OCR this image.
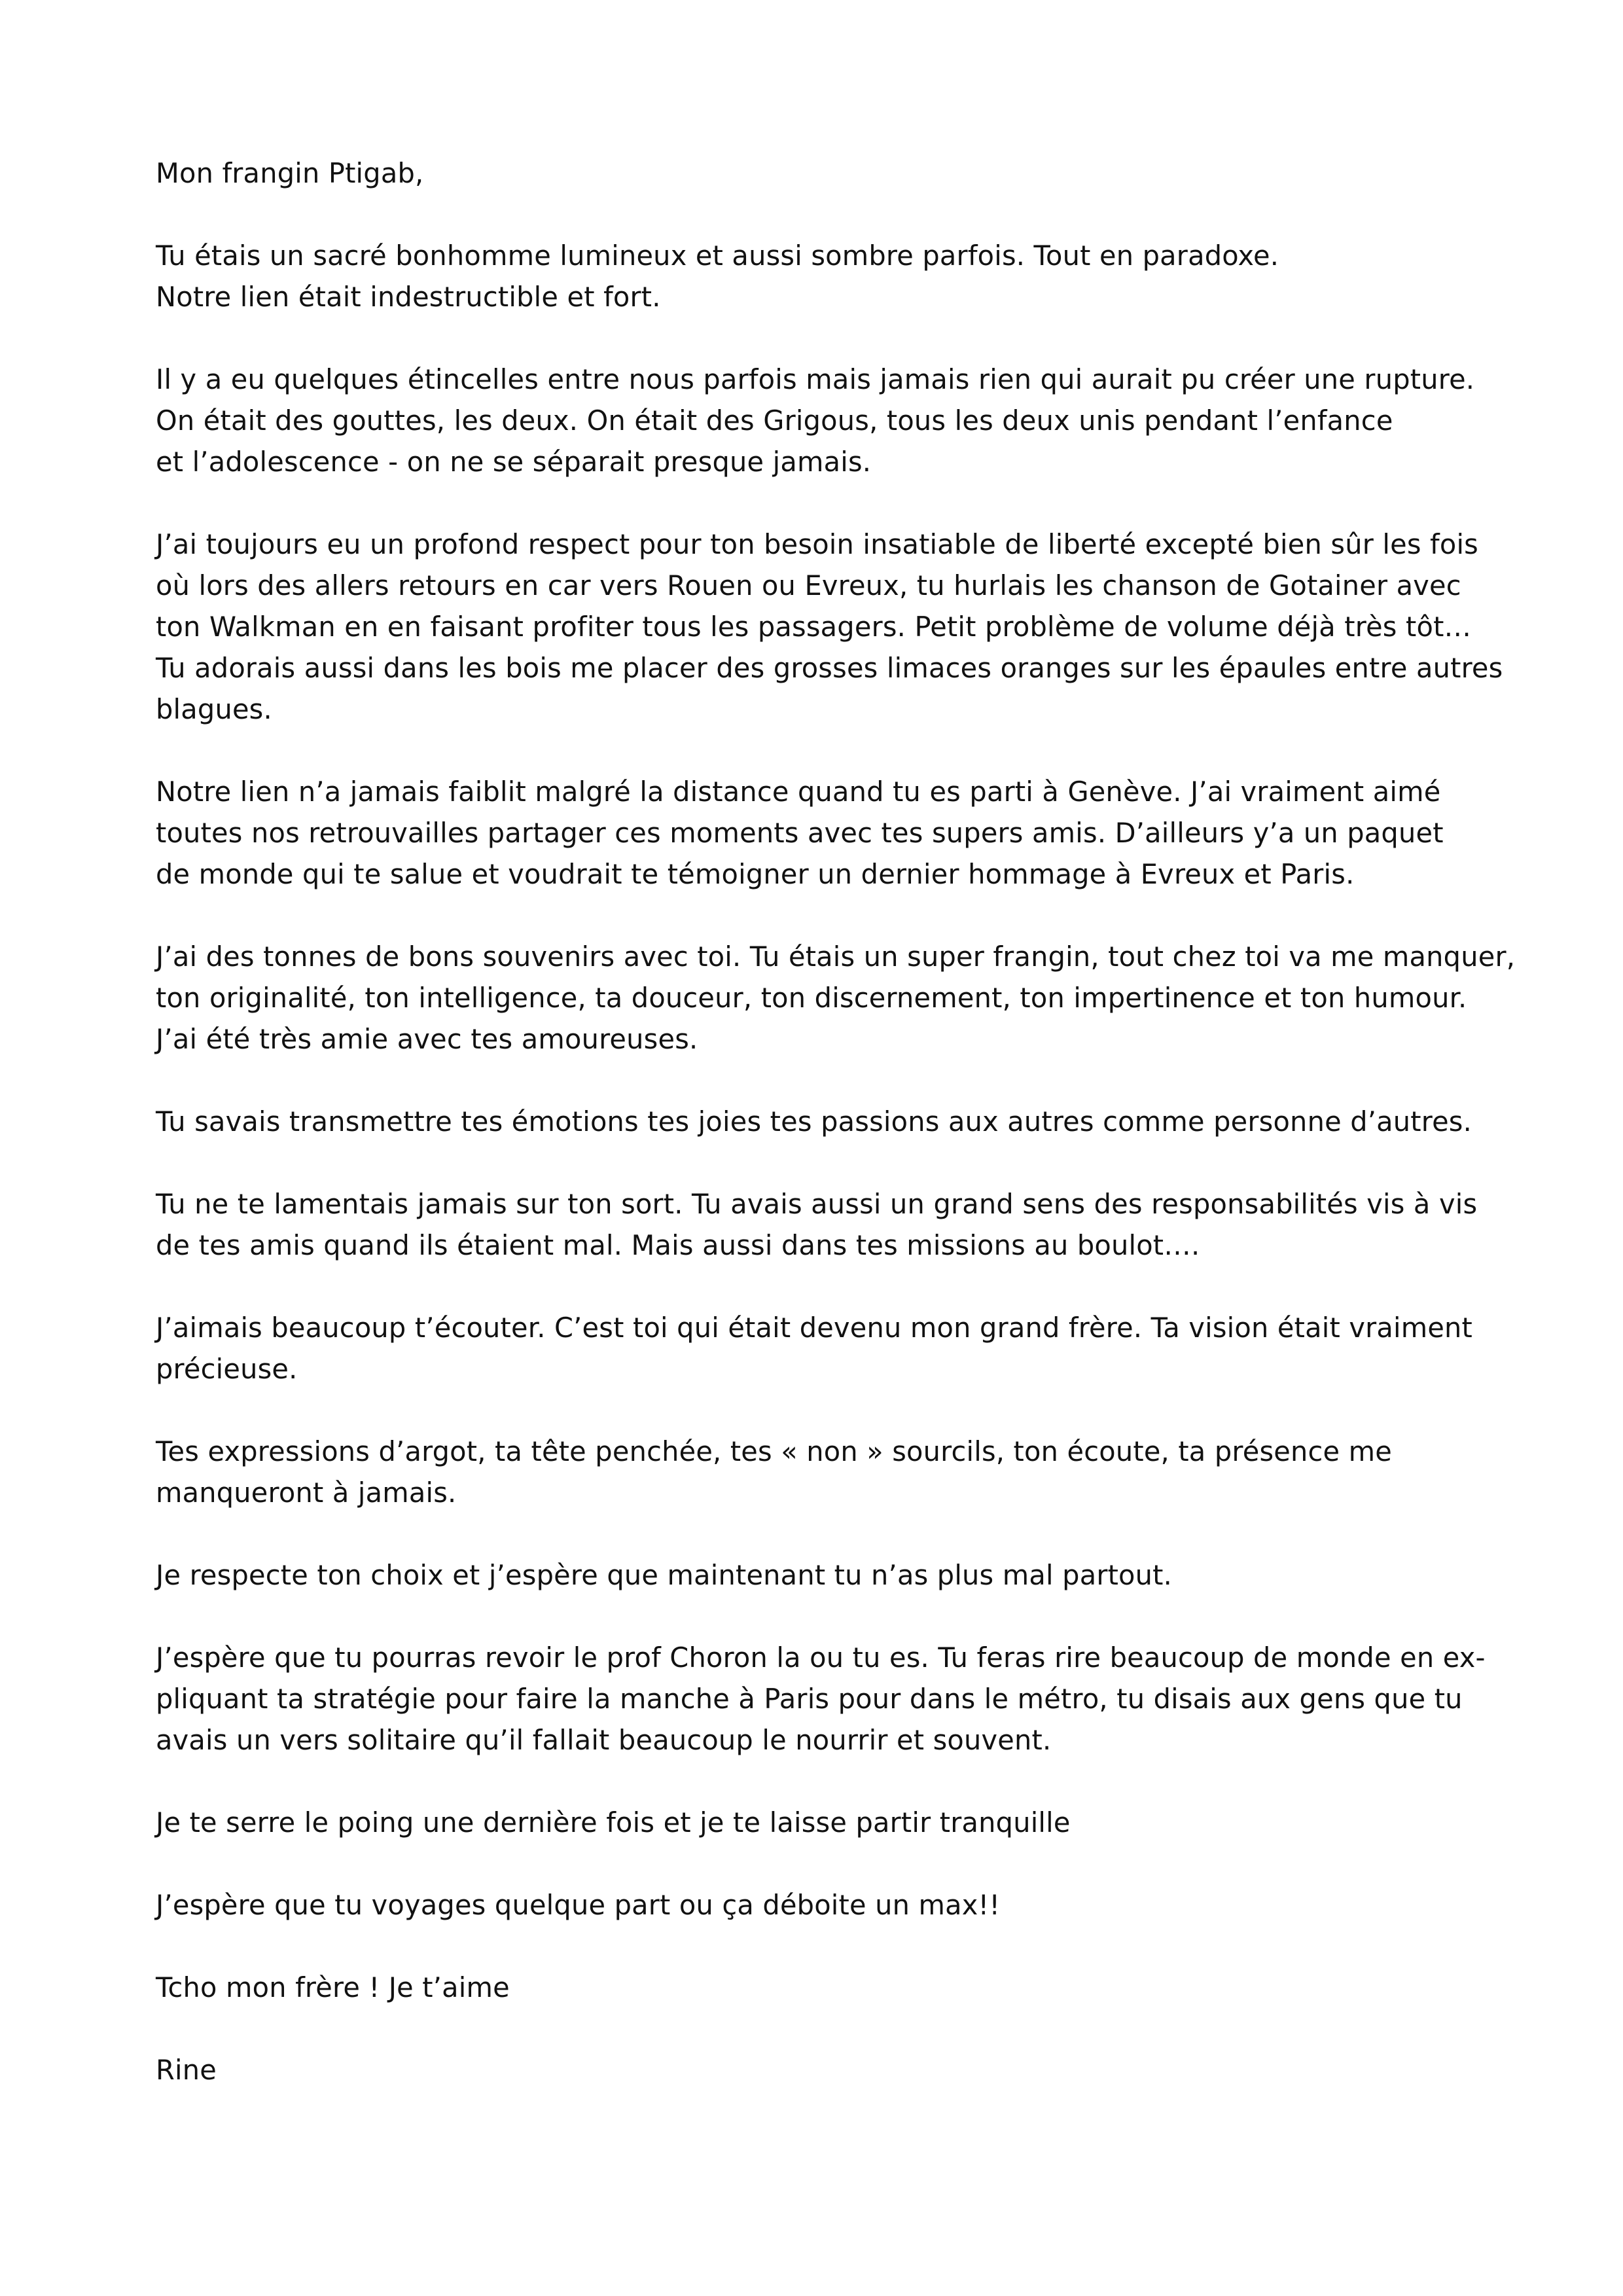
Mon frangin Ptigab,

Tu étais un sacré bonhomme lumineux et aussi sombre parfois. Tout en paradoxe.
Notre lien était indestructible et fort.

Il y a eu quelques étincelles entre nous parfois mais jamais rien qui aurait pu créer une rupture.
On était des gouttes, les deux. On était des Grigous, tous les deux unis pendant l’enfance
et l’adolescence - on ne se séparait presque jamais.

J’ai toujours eu un profond respect pour ton besoin insatiable de liberté excepté bien sûr les fois
où lors des allers retours en car vers Rouen ou Evreux, tu hurlais les chanson de Gotainer avec
ton Walkman en en faisant profiter tous les passagers. Petit problème de volume déjà très tôt…
Tu adorais aussi dans les bois me placer des grosses limaces oranges sur les épaules entre autres
blagues.

Notre lien n’a jamais faiblit malgré la distance quand tu es parti à Genève. J’ai vraiment aimé
toutes nos retrouvailles partager ces moments avec tes supers amis. D’ailleurs y’a un paquet
de monde qui te salue et voudrait te témoigner un dernier hommage à Evreux et Paris.

J’ai des tonnes de bons souvenirs avec toi. Tu étais un super frangin, tout chez toi va me manquer,
ton originalité, ton intelligence, ta douceur, ton discernement, ton impertinence et ton humour.
J’ai été très amie avec tes amoureuses.

Tu savais transmettre tes émotions tes joies tes passions aux autres comme personne d’autres.

Tu ne te lamentais jamais sur ton sort. Tu avais aussi un grand sens des responsabilités vis à vis
de tes amis quand ils étaient mal. Mais aussi dans tes missions au boulot….

J’aimais beaucoup t’écouter. C’est toi qui était devenu mon grand frère. Ta vision était vraiment
précieuse.

Tes expressions d’argot, ta tête penchée, tes « non » sourcils, ton écoute, ta présence me
manqueront à jamais.

Je respecte ton choix et j’espère que maintenant tu n’as plus mal partout.

J’espère que tu pourras revoir le prof Choron la ou tu es. Tu feras rire beaucoup de monde en ex-
pliquant ta stratégie pour faire la manche à Paris pour dans le métro, tu disais aux gens que tu
avais un vers solitaire qu’il fallait beaucoup le nourrir et souvent.

Je te serre le poing une dernière fois et je te laisse partir tranquille

J’espère que tu voyages quelque part ou ça déboite un max!!

Tcho mon frère ! Je t’aime

Rine
